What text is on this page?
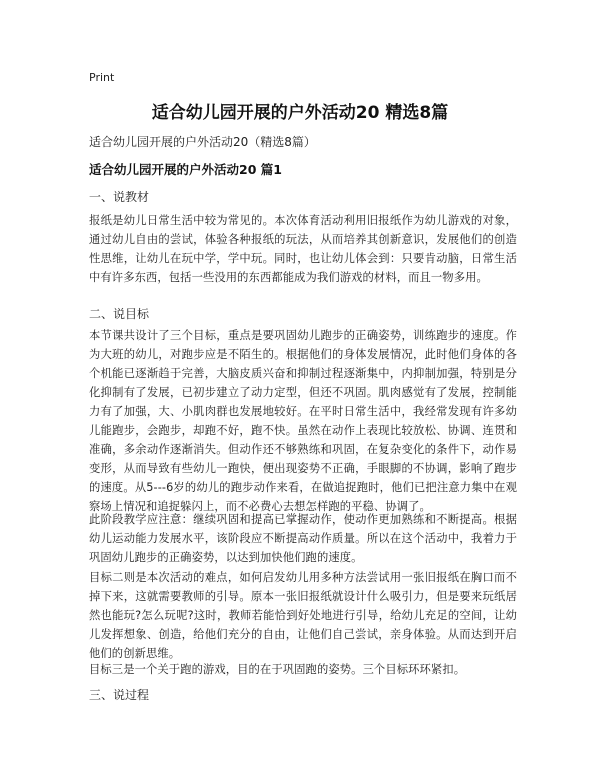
Print
适合幼儿园开展的户外活动20 精选8篇
适合幼儿园开展的户外活动20（精选8篇）
适合幼儿园开展的户外活动20 篇1
一、说教材
报纸是幼儿日常生活中较为常见的。本次体育活动利用旧报纸作为幼儿游戏的对象，通过幼儿自由的尝试，体验各种报纸的玩法，从而培养其创新意识，发展他们的创造性思维，让幼儿在玩中学，学中玩。同时，也让幼儿体会到：只要肯动脑，日常生活中有许多东西，包括一些没用的东西都能成为我们游戏的材料，而且一物多用。
二、说目标
本节课共设计了三个目标，重点是要巩固幼儿跑步的正确姿势，训练跑步的速度。作为大班的幼儿，对跑步应是不陌生的。根据他们的身体发展情况，此时他们身体的各个机能已逐渐趋于完善，大脑皮质兴奋和抑制过程逐渐集中，内抑制加强，特别是分化抑制有了发展，已初步建立了动力定型，但还不巩固。肌肉感觉有了发展，控制能力有了加强，大、小肌肉群也发展地较好。在平时日常生活中，我经常发现有许多幼儿能跑步，会跑步，却跑不好，跑不快。虽然在动作上表现比较放松、协调、连贯和准确，多余动作逐渐消失。但动作还不够熟练和巩固，在复杂变化的条件下，动作易变形，从而导致有些幼儿一跑快，便出现姿势不正确，手眼脚的不协调，影响了跑步的速度。从5---6岁的幼儿的跑步动作来看，在做追捉跑时，他们已把注意力集中在观察场上情况和追捉躲闪上，而不必费心去想怎样跑的平稳、协调了。
此阶段教学应注意：继续巩固和提高已掌握动作，使动作更加熟练和不断提高。根据幼儿运动能力发展水平，该阶段应不断提高动作质量。所以在这个活动中，我着力于巩固幼儿跑步的正确姿势，以达到加快他们跑的速度。
目标二则是本次活动的难点，如何启发幼儿用多种方法尝试用一张旧报纸在胸口而不掉下来，这就需要教师的引导。原本一张旧报纸就设计什么吸引力，但是要来玩纸居然也能玩?怎么玩呢?这时，教师若能恰到好处地进行引导，给幼儿充足的空间，让幼儿发挥想象、创造，给他们充分的自由，让他们自己尝试，亲身体验。从而达到开启他们的创新思维。
目标三是一个关于跑的游戏，目的在于巩固跑的姿势。三个目标环环紧扣。
三、说过程
